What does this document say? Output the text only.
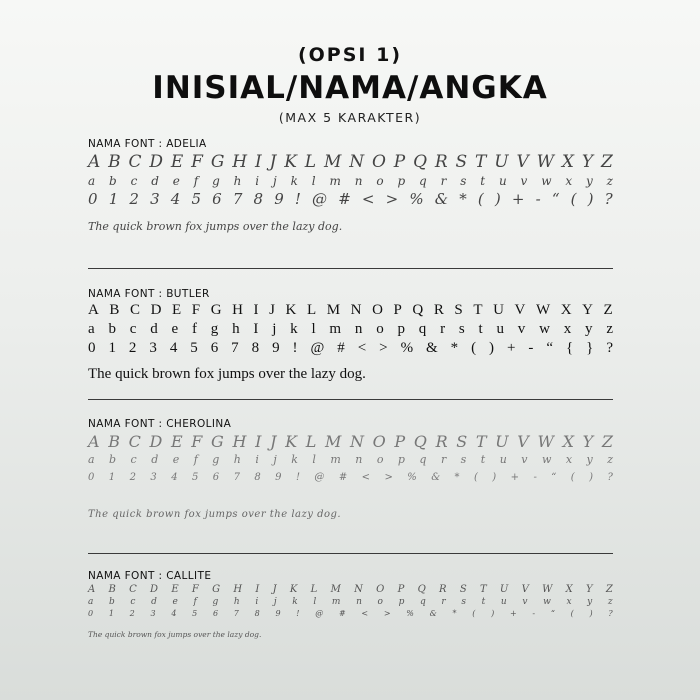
(OPSI 1)
INISIAL/NAMA/ANGKA
(MAX 5 KARAKTER)
NAMA FONT : ADELIA
A B C D E F G H I J K L M N O P Q R S T U V W X Y Z
a b c d e f g h i j k l m n o p q r s t u v w x y z
0 1 2 3 4 5 6 7 8 9 ! @ # < > % & * ( ) + - “ ( ) ?
The quick brown fox jumps over the lazy dog.
NAMA FONT : BUTLER
A B C D E F G H I J K L M N O P Q R S T U V W X Y Z
a b c d e f g h I j k l m n o p q r s t u v w x y z
0 1 2 3 4 5 6 7 8 9 ! @ # < > % & * ( ) + - “ { } ?
The quick brown fox jumps over the lazy dog.
NAMA FONT : CHEROLINA
A B C D E F G H I J K L M N O P Q R S T U V W X Y Z
a b c d e f g h i j k l m n o p q r s t u v w x y z
0 1 2 3 4 5 6 7 8 9 ! @ # < > % & * ( ) + - “ ( ) ?
The quick brown fox jumps over the lazy dog.
NAMA FONT : CALLITE
A B C D E F G H I J K L M N O P Q R S T U V W X Y Z
a b c d e f g h i j k l m n o p q r s t u v w x y z
0 1 2 3 4 5 6 7 8 9 ! @ # < > % & * ( ) + - “ ( ) ?
The quick brown fox jumps over the lazy dog.
